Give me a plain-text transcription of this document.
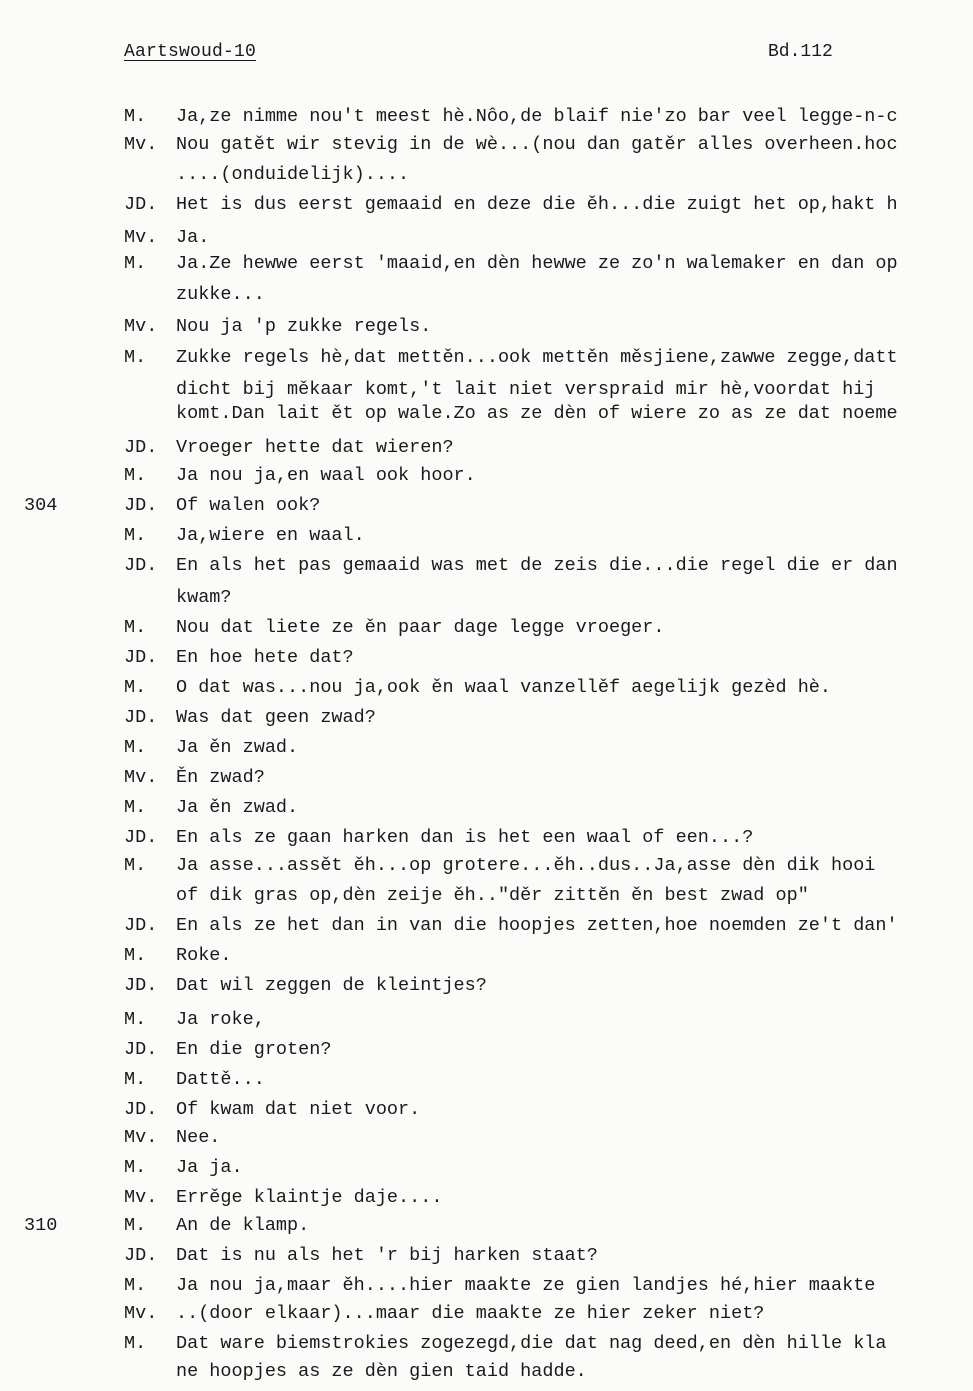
Aartswoud-10	Bd.112
M. Ja,ze nimme nou't meest hè.Nôo,de blaif nie'zo bar veel legge-n-c
Mv. Nou gatět wir stevig in de wè...(nou dan gatěr alles overheen.hoc
....(onduidelijk)....
JD. Het is dus eerst gemaaid en deze die ěh...die zuigt het op,hakt h
Mv. Ja.
M. Ja.Ze hewwe eerst 'maaid,en dèn hewwe ze zo'n walemaker en dan op
zukke...
Mv. Nou ja 'p zukke regels.
M. Zukke regels hè,dat mettěn...ook mettěn měsjiene,zawwe zegge,datt
dicht bij měkaar komt,'t lait niet verspraid mir hè,voordat hij
komt.Dan lait ět op wale.Zo as ze dèn of wiere zo as ze dat noeme
JD. Vroeger hette dat wieren?
M. Ja nou ja,en waal ook hoor.
304	JD. Of walen ook?
M. Ja,wiere en waal.
JD. En als het pas gemaaid was met de zeis die...die regel die er dan
kwam?
M. Nou dat liete ze ěn paar dage legge vroeger.
JD. En hoe hete dat?
M. O dat was...nou ja,ook ěn waal vanzellěf aegelijk gezèd hè.
JD. Was dat geen zwad?
M. Ja ěn zwad.
Mv. Ěn zwad?
M. Ja ěn zwad.
JD. En als ze gaan harken dan is het een waal of een...?
M. Ja asse...assět ěh...op grotere...ěh..dus..Ja,asse dèn dik hooi
of dik gras op,dèn zeije ěh.."děr zittěn ěn best zwad op"
JD. En als ze het dan in van die hoopjes zetten,hoe noemden ze't dan'
M. Roke.
JD. Dat wil zeggen de kleintjes?
M. Ja roke,
JD. En die groten?
M. Dattě...
JD. Of kwam dat niet voor.
Mv. Nee.
M. Ja ja.
Mv. Errěge klaintje daje....
310	M. An de klamp.
JD. Dat is nu als het 'r bij harken staat?
M. Ja nou ja,maar ěh....hier maakte ze gien landjes hé,hier maakte
Mv. ..(door elkaar)...maar die maakte ze hier zeker niet?
M. Dat ware biemstrokies zogezegd,die dat nag deed,en dèn hille kla
ne hoopjes as ze dèn gien taid hadde.
